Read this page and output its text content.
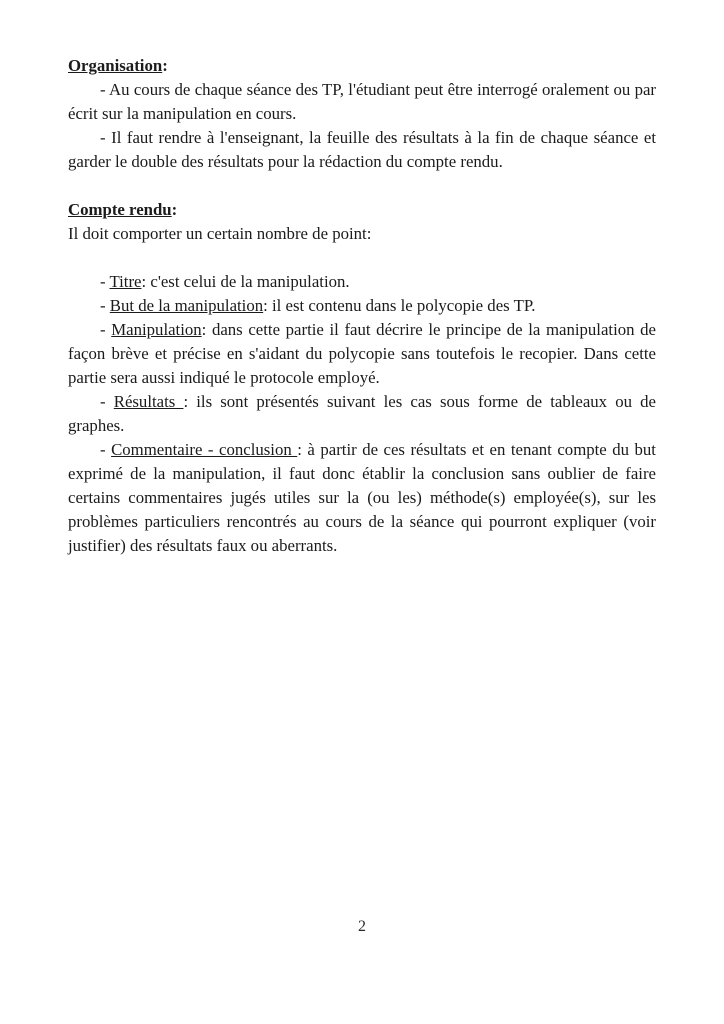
Organisation:

- Au cours de chaque séance des TP, l'étudiant peut être interrogé oralement ou par écrit sur la manipulation en cours.

- Il faut rendre à l'enseignant, la feuille des résultats à la fin de chaque séance et garder le double des résultats pour la rédaction du compte rendu.

Compte rendu:

Il doit comporter un certain nombre de point:

- Titre: c'est celui de la manipulation.

- But de la manipulation: il est contenu dans le polycopie des TP.

- Manipulation: dans cette partie il faut décrire le principe de la manipulation de façon brève et précise en s'aidant du polycopie sans toutefois le recopier. Dans cette partie sera aussi indiqué le protocole employé.

- Résultats : ils sont présentés suivant les cas sous forme de tableaux ou de graphes.

- Commentaire - conclusion : à partir de ces résultats et en tenant compte du but exprimé de la manipulation, il faut donc établir la conclusion sans oublier de faire certains commentaires jugés utiles sur la (ou les) méthode(s) employée(s), sur les problèmes particuliers rencontrés au cours de la séance qui pourront expliquer (voir justifier) des résultats faux ou aberrants.

2
